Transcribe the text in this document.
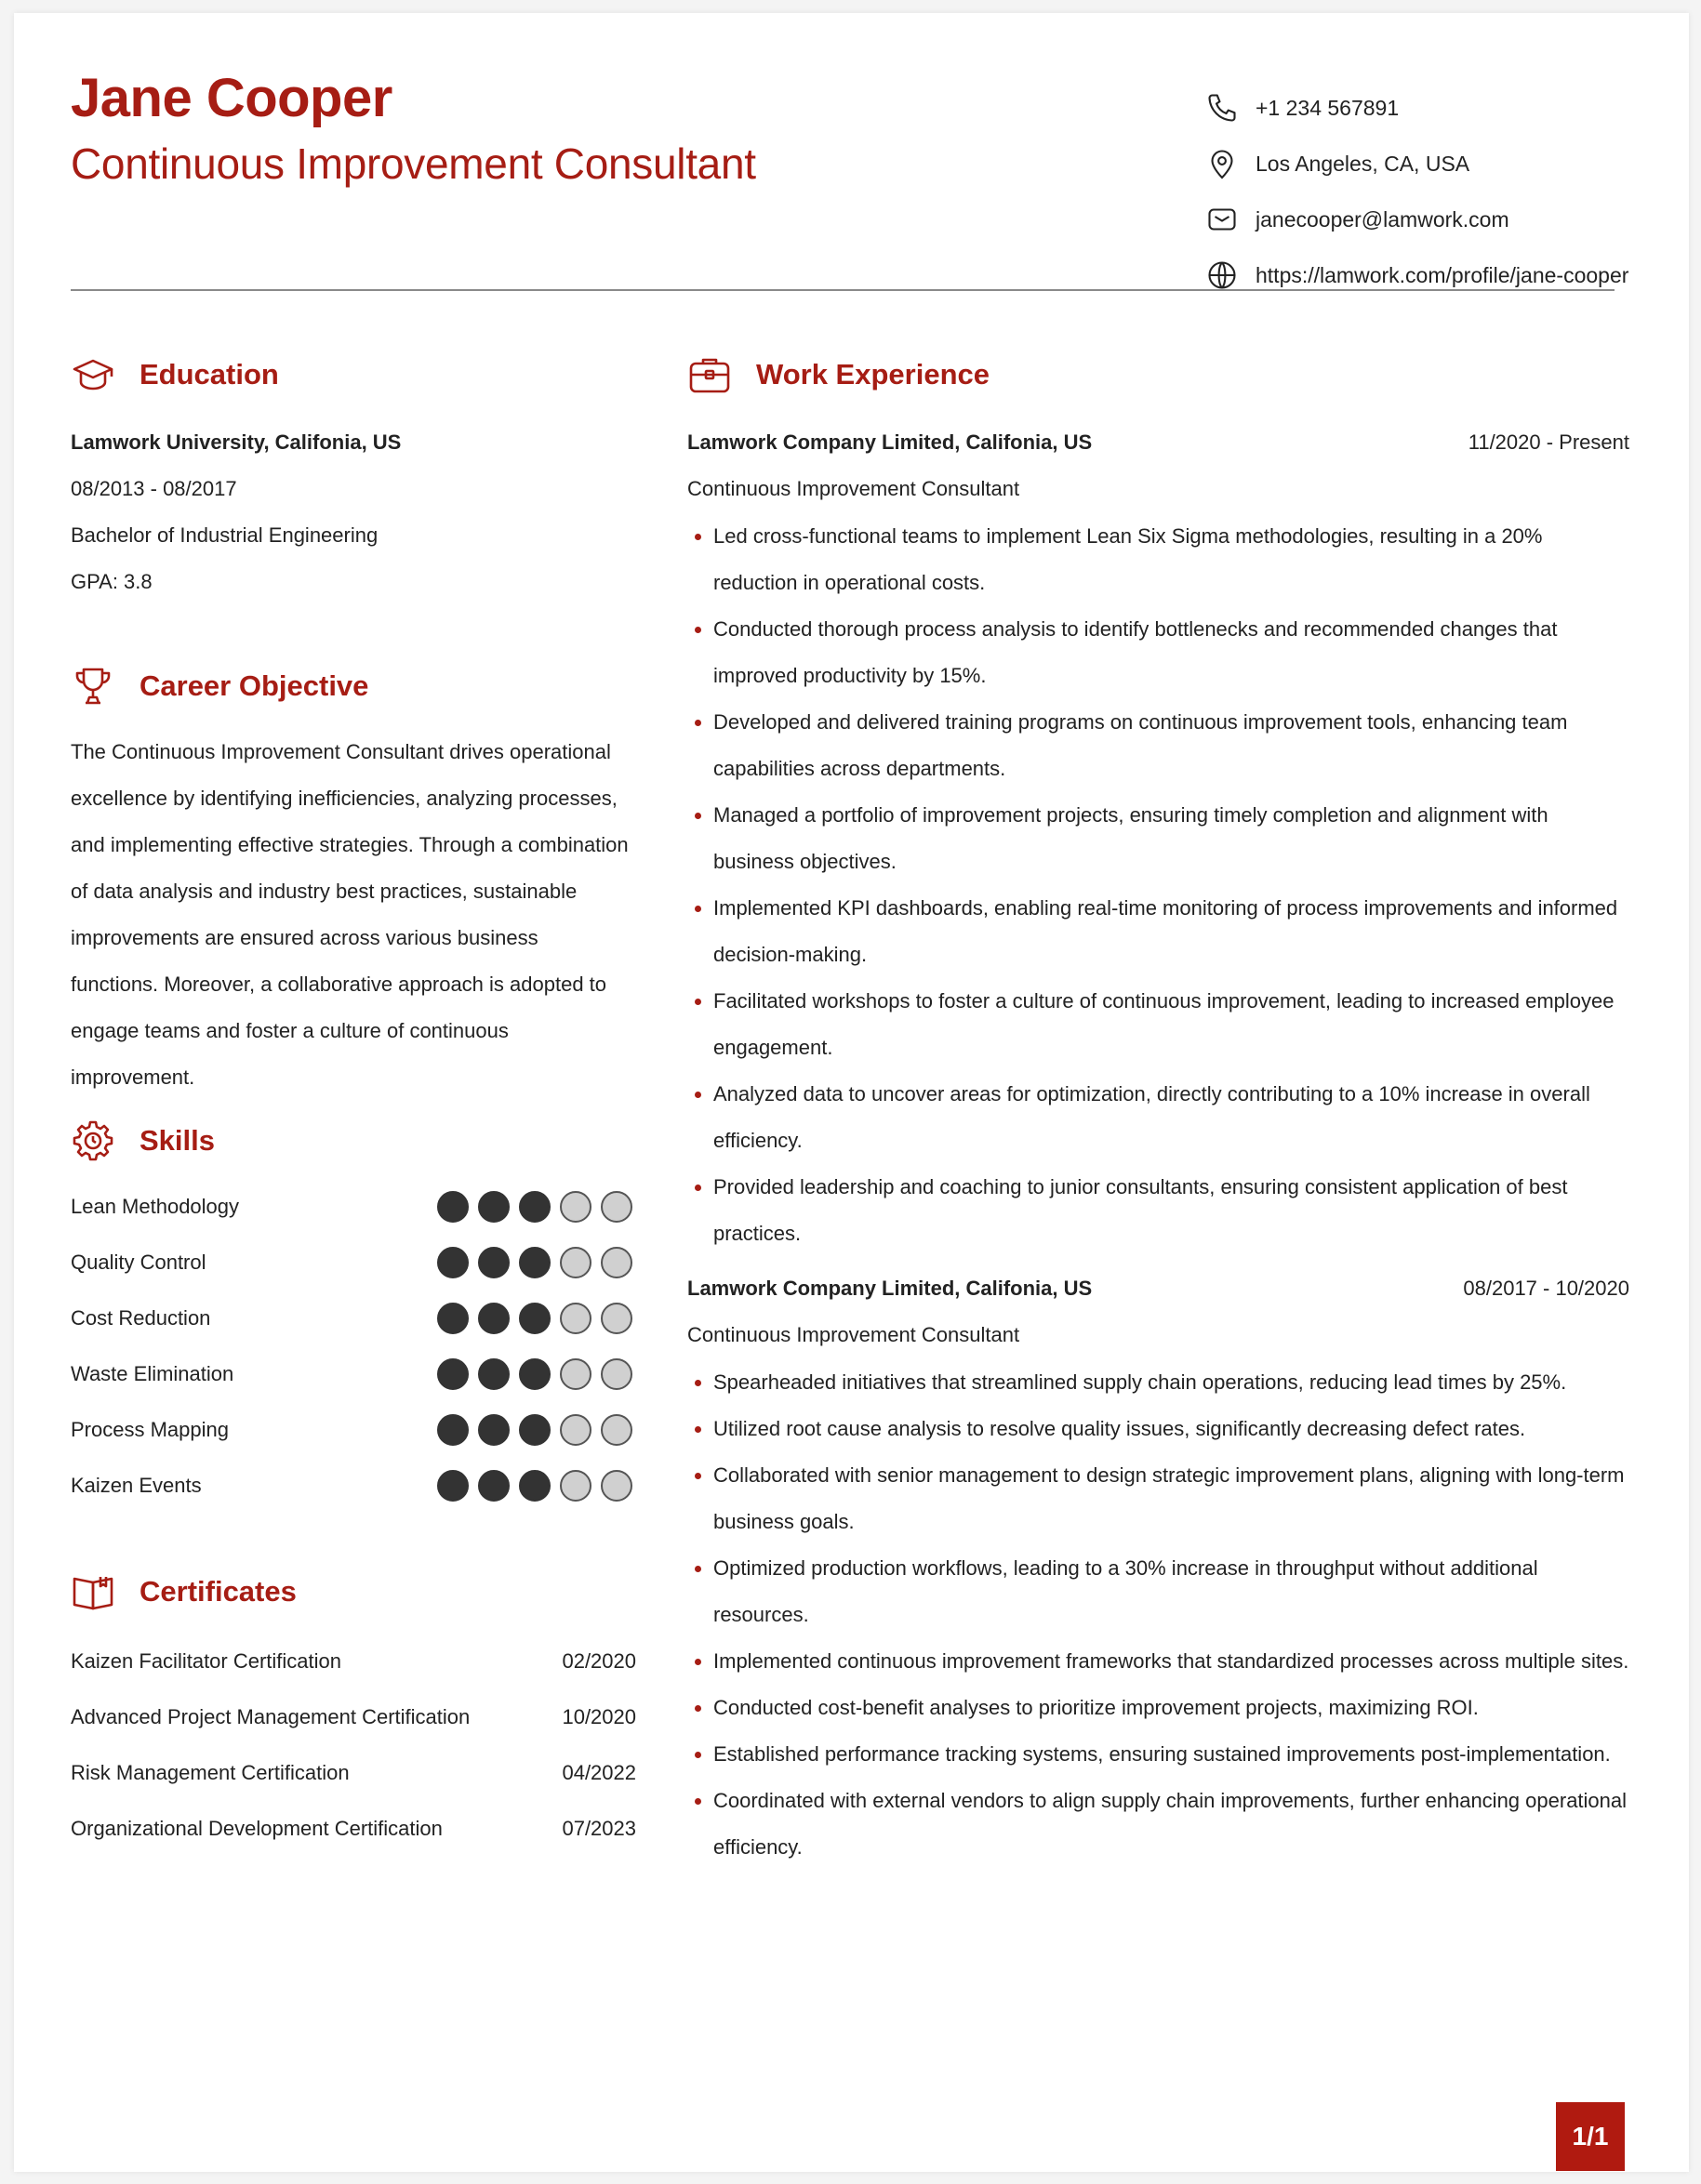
Jane Cooper
Continuous Improvement Consultant
+1 234 567891
Los Angeles, CA, USA
janecooper@lamwork.com
https://lamwork.com/profile/jane-cooper
Education
Lamwork University, Califonia, US
08/2013 - 08/2017
Bachelor of Industrial Engineering
GPA: 3.8
Career Objective
The Continuous Improvement Consultant drives operational excellence by identifying inefficiencies, analyzing processes, and implementing effective strategies. Through a combination of data analysis and industry best practices, sustainable improvements are ensured across various business functions. Moreover, a collaborative approach is adopted to engage teams and foster a culture of continuous improvement.
Skills
Lean Methodology
Quality Control
Cost Reduction
Waste Elimination
Process Mapping
Kaizen Events
Certificates
Kaizen Facilitator Certification	02/2020
Advanced Project Management Certification	10/2020
Risk Management Certification	04/2022
Organizational Development Certification	07/2023
Work Experience
Lamwork Company Limited, Califonia, US	11/2020 - Present
Continuous Improvement Consultant
Led cross-functional teams to implement Lean Six Sigma methodologies, resulting in a 20% reduction in operational costs.
Conducted thorough process analysis to identify bottlenecks and recommended changes that improved productivity by 15%.
Developed and delivered training programs on continuous improvement tools, enhancing team capabilities across departments.
Managed a portfolio of improvement projects, ensuring timely completion and alignment with business objectives.
Implemented KPI dashboards, enabling real-time monitoring of process improvements and informed decision-making.
Facilitated workshops to foster a culture of continuous improvement, leading to increased employee engagement.
Analyzed data to uncover areas for optimization, directly contributing to a 10% increase in overall efficiency.
Provided leadership and coaching to junior consultants, ensuring consistent application of best practices.
Lamwork Company Limited, Califonia, US	08/2017 - 10/2020
Continuous Improvement Consultant
Spearheaded initiatives that streamlined supply chain operations, reducing lead times by 25%.
Utilized root cause analysis to resolve quality issues, significantly decreasing defect rates.
Collaborated with senior management to design strategic improvement plans, aligning with long-term business goals.
Optimized production workflows, leading to a 30% increase in throughput without additional resources.
Implemented continuous improvement frameworks that standardized processes across multiple sites.
Conducted cost-benefit analyses to prioritize improvement projects, maximizing ROI.
Established performance tracking systems, ensuring sustained improvements post-implementation.
Coordinated with external vendors to align supply chain improvements, further enhancing operational efficiency.
1/1
